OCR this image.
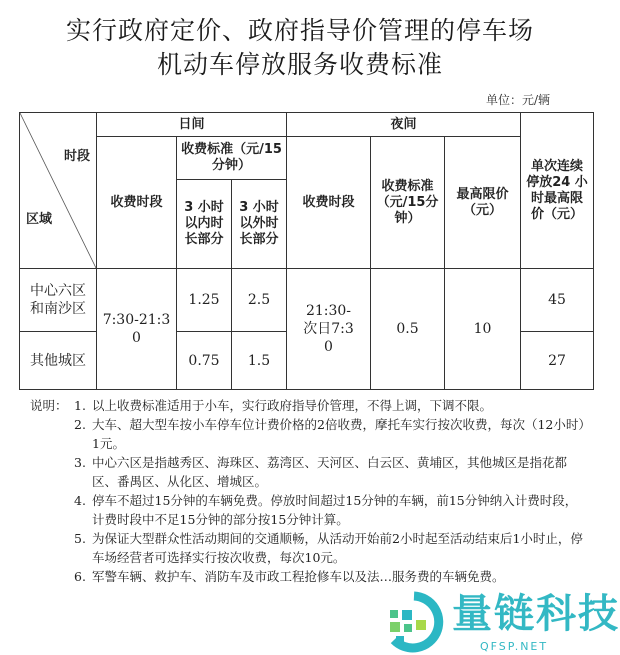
实行政府定价、政府指导价管理的停车场
机动车停放服务收费标准
单位：元/辆
时段
区域	日间			夜间			单次连续停放24 小时最高限价（元）
	收费时段	收费标准（元/15 分钟）		收费时段	收费标准（元/15分钟）	最高限价（元）	
		3 小时以内时长部分	3 小时以外时长部分				
中心六区和南沙区	7:30-21:30	1.25	2.5	21:30-次日7:30	0.5	10	45
其他城区		0.75	1.5				27
说明： 1. 以上收费标准适用于小车，实行政府指导价管理，不得上调，下调不限。
2. 大车、超大型车按小车停车位计费价格的2倍收费，摩托车实行按次收费，每次（12小时）1元。
3. 中心六区是指越秀区、海珠区、荔湾区、天河区、白云区、黄埔区，其他城区是指花都区、番禺区、从化区、增城区。
4. 停车不超过15分钟的车辆免费。停放时间超过15分钟的车辆，前15分钟纳入计费时段，计费时段中不足15分钟的部分按15分钟计算。
5. 为保证大型群众性活动期间的交通顺畅，从活动开始前2小时起至活动结束后1小时止，停车场经营者可选择实行按次收费，每次10元。
6. 军警车辆、救护车、消防车及市政工程抢修车以及法…服务费的车辆免费。
量链科技
QFSP.NET
